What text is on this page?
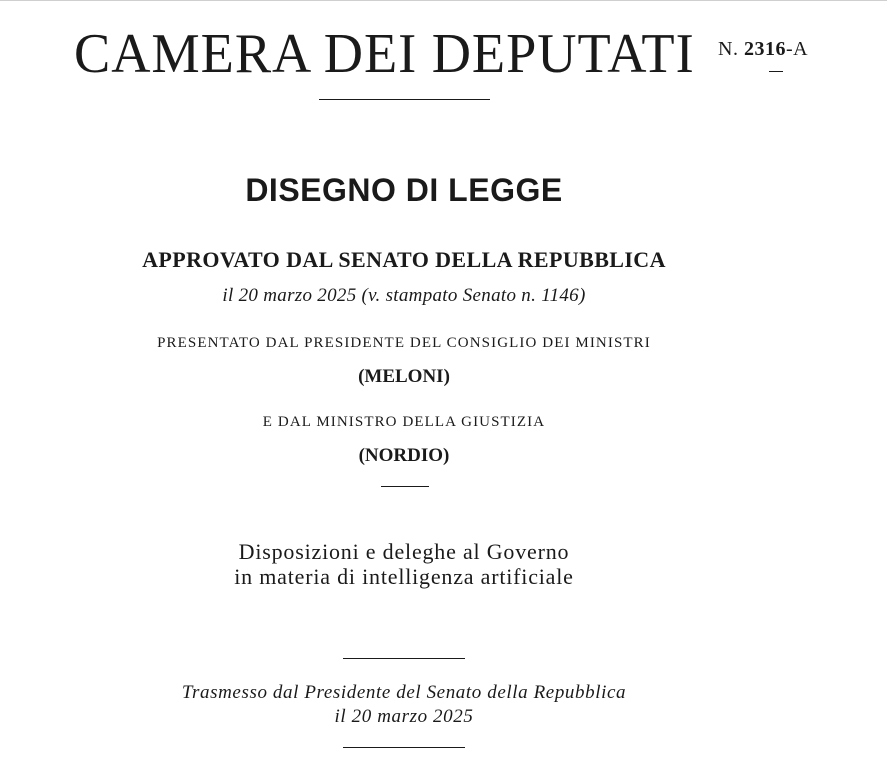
CAMERA DEI DEPUTATI N. 2316-A
DISEGNO DI LEGGE
APPROVATO DAL SENATO DELLA REPUBBLICA
il 20 marzo 2025 (v. stampato Senato n. 1146)
PRESENTATO DAL PRESIDENTE DEL CONSIGLIO DEI MINISTRI
(MELONI)
E DAL MINISTRO DELLA GIUSTIZIA
(NORDIO)
Disposizioni e deleghe al Governo
in materia di intelligenza artificiale
Trasmesso dal Presidente del Senato della Repubblica
il 20 marzo 2025
